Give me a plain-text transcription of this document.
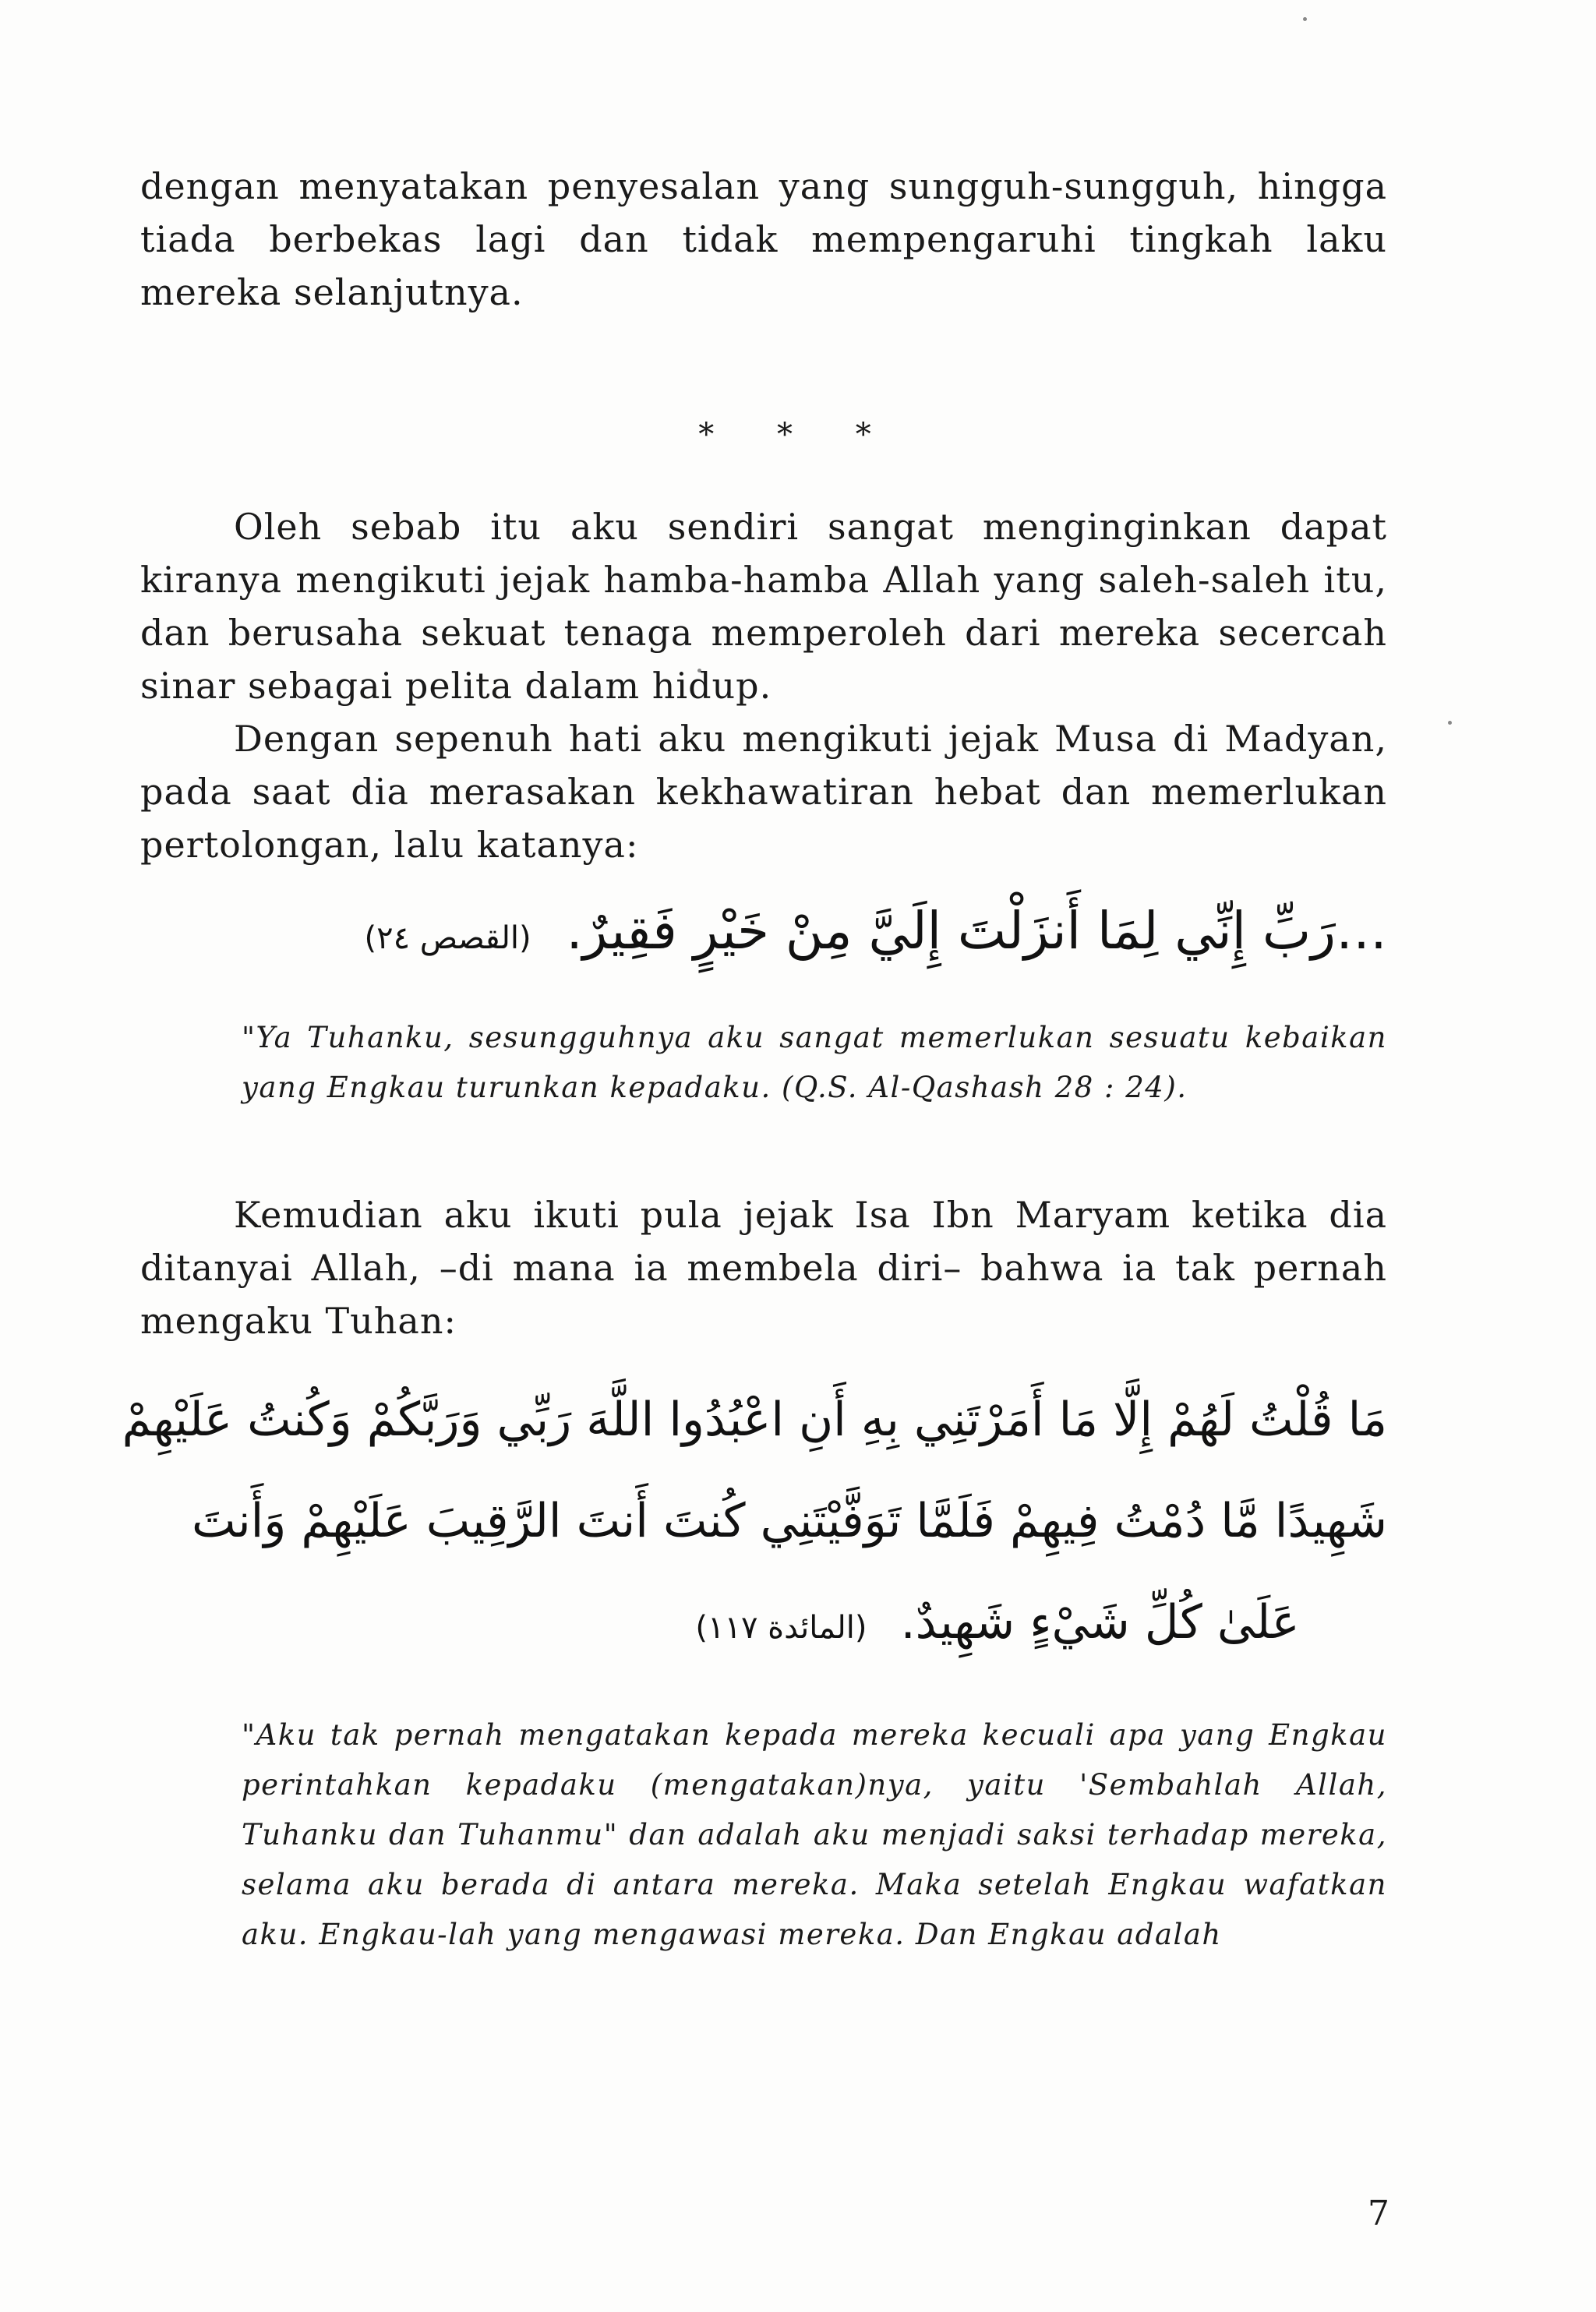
dengan menyatakan penyesalan yang sungguh-sungguh, hingga tiada berbekas lagi dan tidak mempengaruhi tingkah laku mereka selanjutnya.

* * *

Oleh sebab itu aku sendiri sangat menginginkan dapat kiranya mengikuti jejak hamba-hamba Allah yang saleh-saleh itu, dan berusaha sekuat tenaga memperoleh dari mereka secercah sinar sebagai pelita dalam hidup.

Dengan sepenuh hati aku mengikuti jejak Musa di Madyan, pada saat dia merasakan kekhawatiran hebat dan memerlukan pertolongan, lalu katanya:

…رَبِّ إِنِّي لِمَا أَنزَلْتَ إِلَيَّ مِنْ خَيْرٍ فَقِيرٌ. (القصص ٢٤)

"Ya Tuhanku, sesungguhnya aku sangat memerlukan sesuatu kebaikan yang Engkau turunkan kepadaku. (Q.S. Al-Qashash 28 : 24).

Kemudian aku ikuti pula jejak Isa Ibn Maryam ketika dia ditanyai Allah, –di mana ia membela diri– bahwa ia tak pernah mengaku Tuhan:

مَا قُلْتُ لَهُمْ إِلَّا مَا أَمَرْتَنِي بِهِ أَنِ اعْبُدُوا اللَّهَ رَبِّي وَرَبَّكُمْ وَكُنتُ عَلَيْهِمْ
شَهِيدًا مَّا دُمْتُ فِيهِمْ فَلَمَّا تَوَفَّيْتَنِي كُنتَ أَنتَ الرَّقِيبَ عَلَيْهِمْ وَأَنتَ
عَلَىٰ كُلِّ شَيْءٍ شَهِيدٌ. (المائدة ١١٧)

"Aku tak pernah mengatakan kepada mereka kecuali apa yang Engkau perintahkan kepadaku (mengatakan)nya, yaitu 'Sembahlah Allah, Tuhanku dan Tuhanmu" dan adalah aku menjadi saksi terhadap mereka, selama aku berada di antara mereka. Maka setelah Engkau wafatkan aku. Engkau-lah yang mengawasi mereka. Dan Engkau adalah

7
